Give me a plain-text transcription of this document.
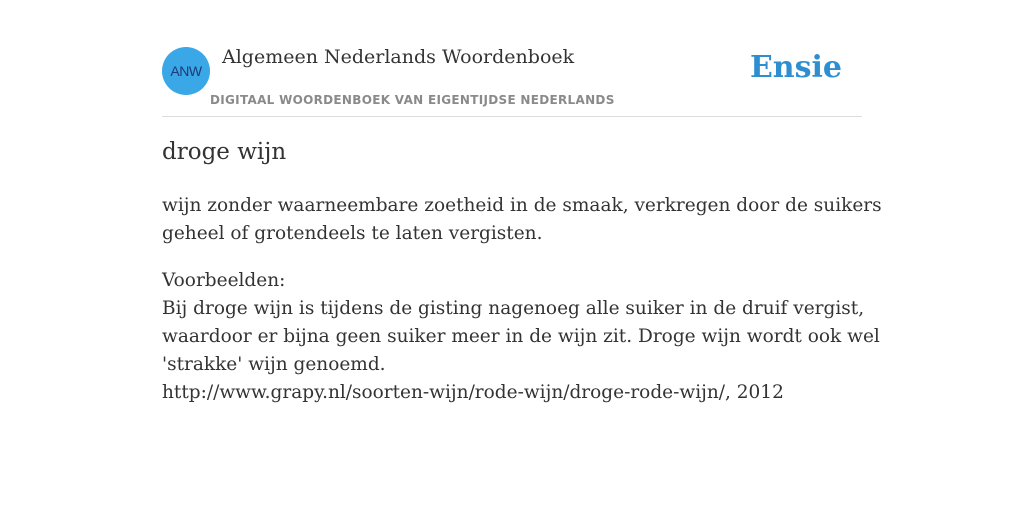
ANW
Algemeen Nederlands Woordenboek
DIGITAAL WOORDENBOEK VAN EIGENTIJDSE NEDERLANDS
Ensie
droge wijn
wijn zonder waarneembare zoetheid in de smaak, verkregen door de suikers
geheel of grotendeels te laten vergisten.
Voorbeelden:
Bij droge wijn is tijdens de gisting nagenoeg alle suiker in de druif vergist,
waardoor er bijna geen suiker meer in de wijn zit. Droge wijn wordt ook wel
'strakke' wijn genoemd.
http://www.grapy.nl/soorten-wijn/rode-wijn/droge-rode-wijn/, 2012
